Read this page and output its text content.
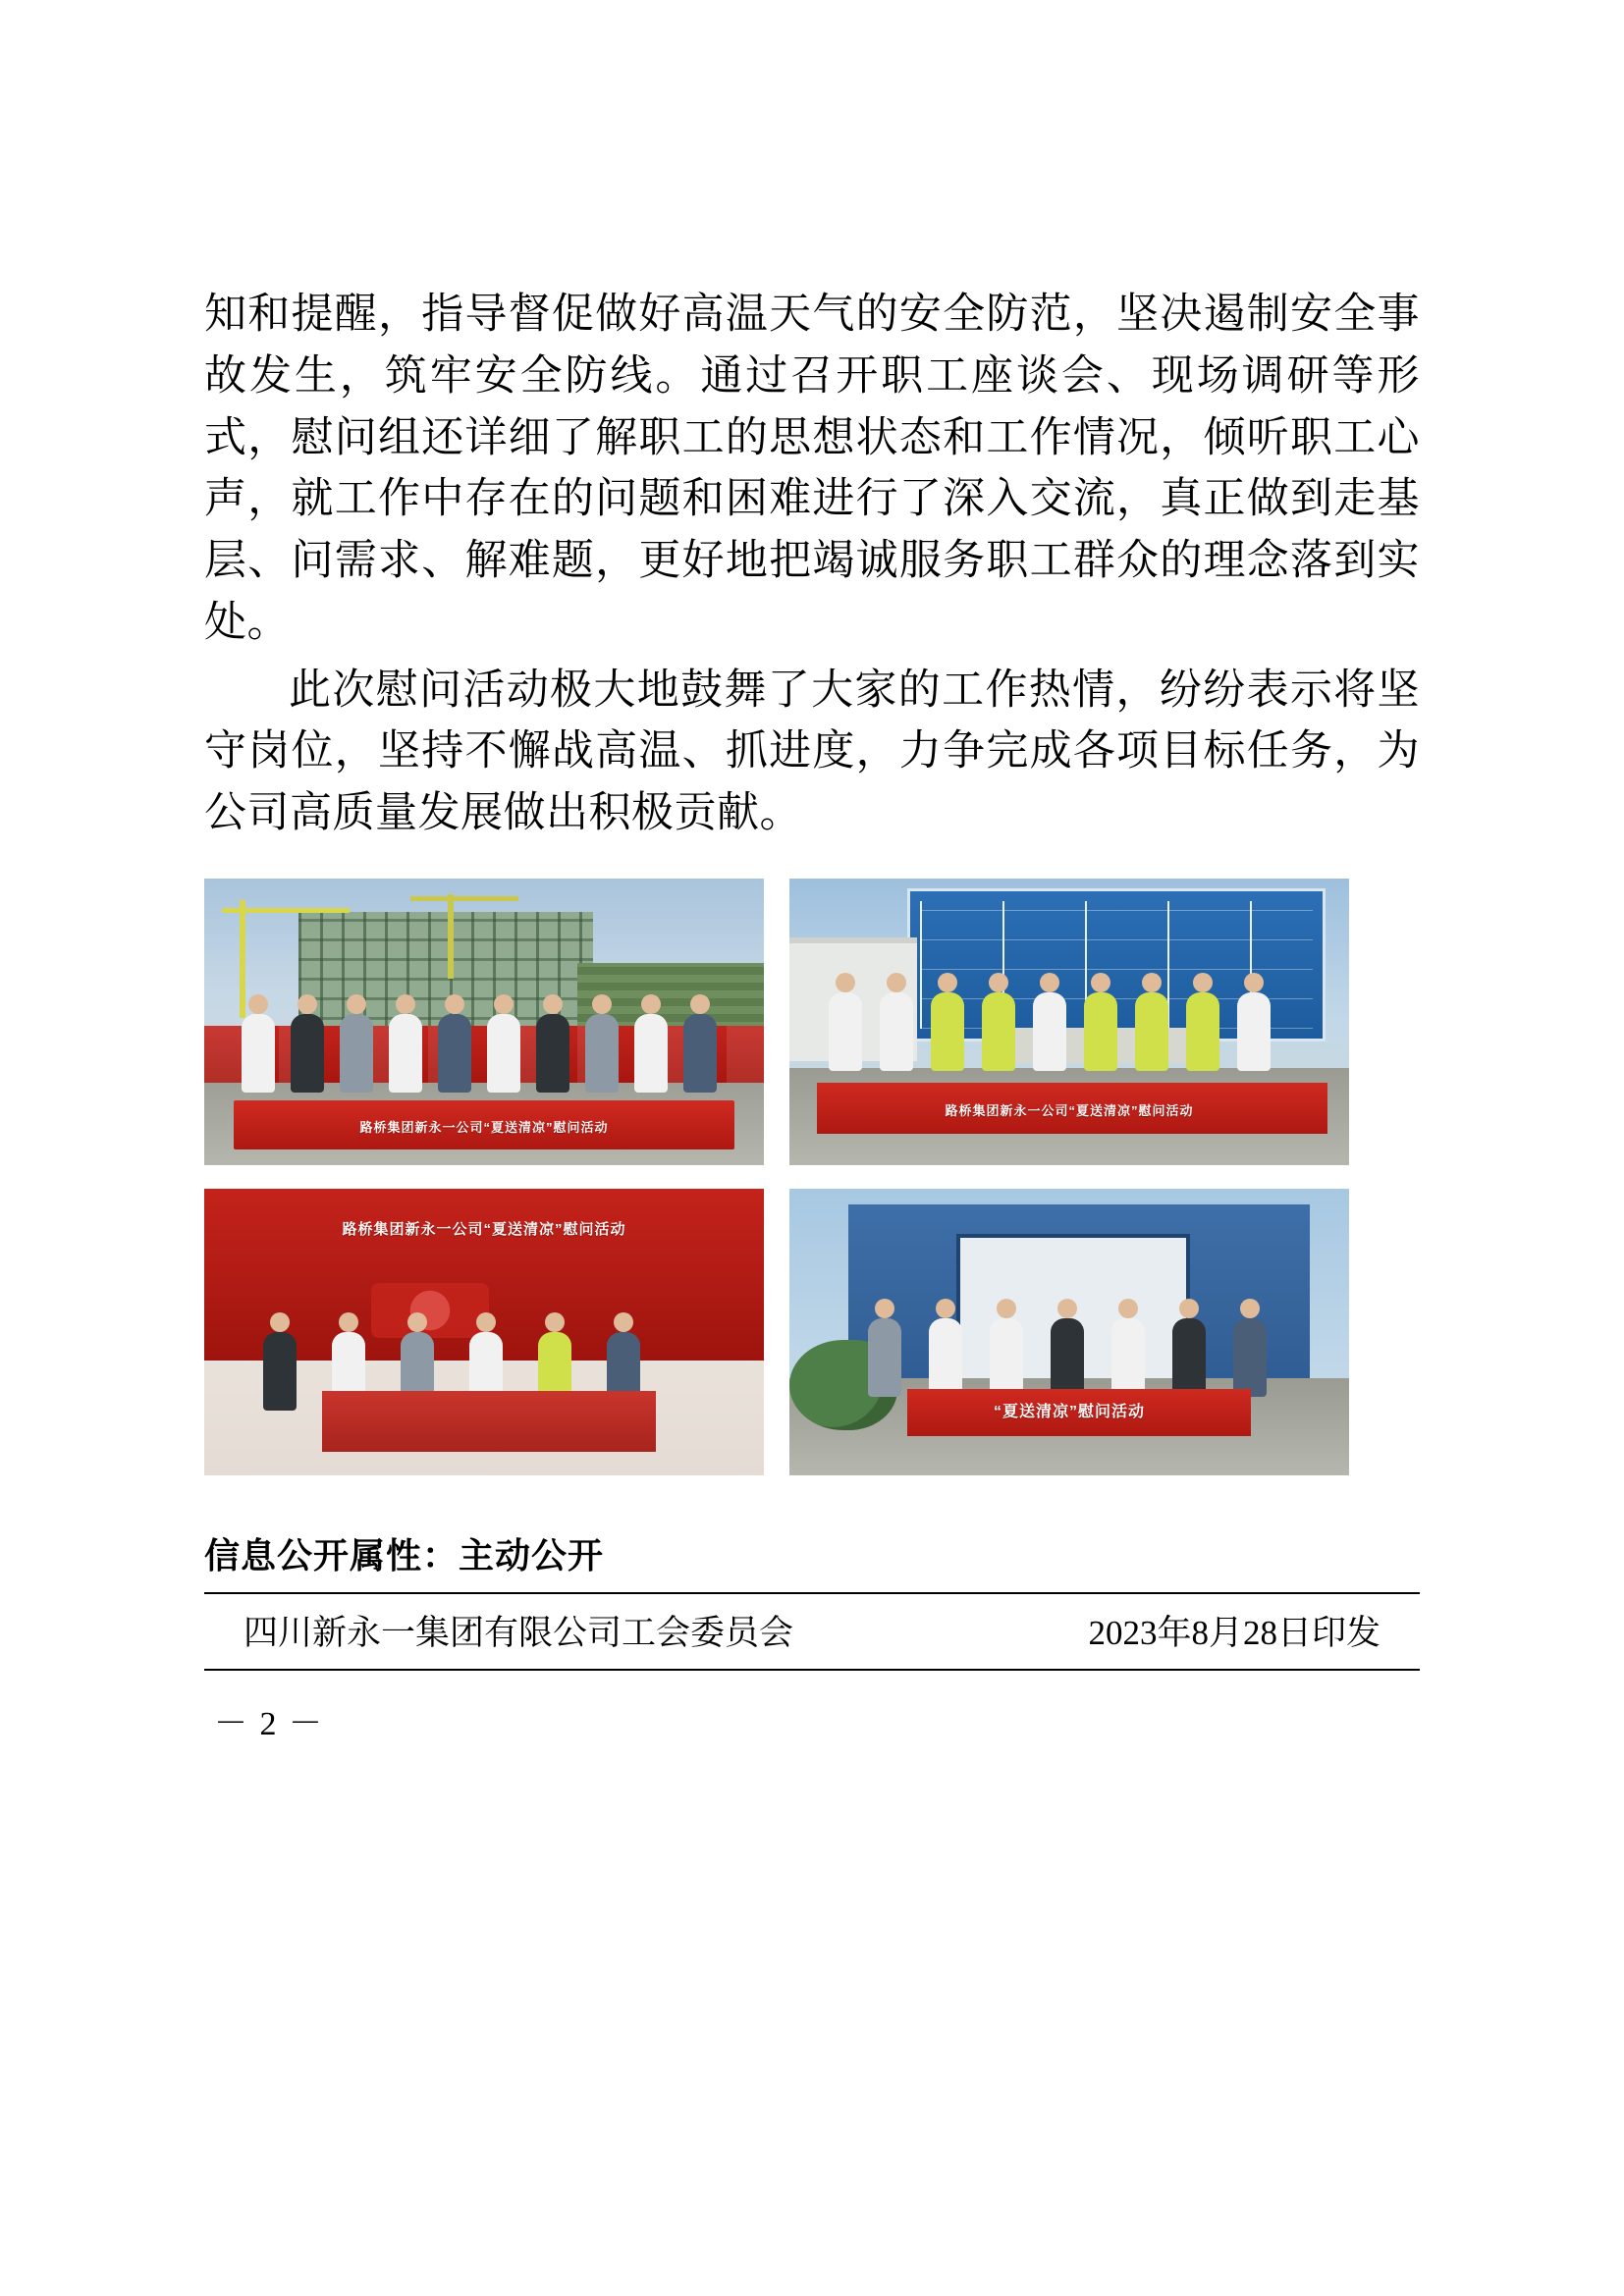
知和提醒，指导督促做好高温天气的安全防范，坚决遏制安全事故发生，筑牢安全防线。通过召开职工座谈会、现场调研等形式，慰问组还详细了解职工的思想状态和工作情况，倾听职工心声，就工作中存在的问题和困难进行了深入交流，真正做到走基层、问需求、解难题，更好地把竭诚服务职工群众的理念落到实处。

此次慰问活动极大地鼓舞了大家的工作热情，纷纷表示将坚守岗位，坚持不懈战高温、抓进度，力争完成各项目标任务，为公司高质量发展做出积极贡献。

路桥集团新永一公司“夏送清凉”慰问活动
路桥集团新永一公司“夏送清凉”慰问活动
路桥集团新永一公司“夏送清凉”慰问活动
“夏送清凉”慰问活动
信息公开属性：主动公开
四川新永一集团有限公司工会委员会	2023年8月28日印发
－ 2 －
